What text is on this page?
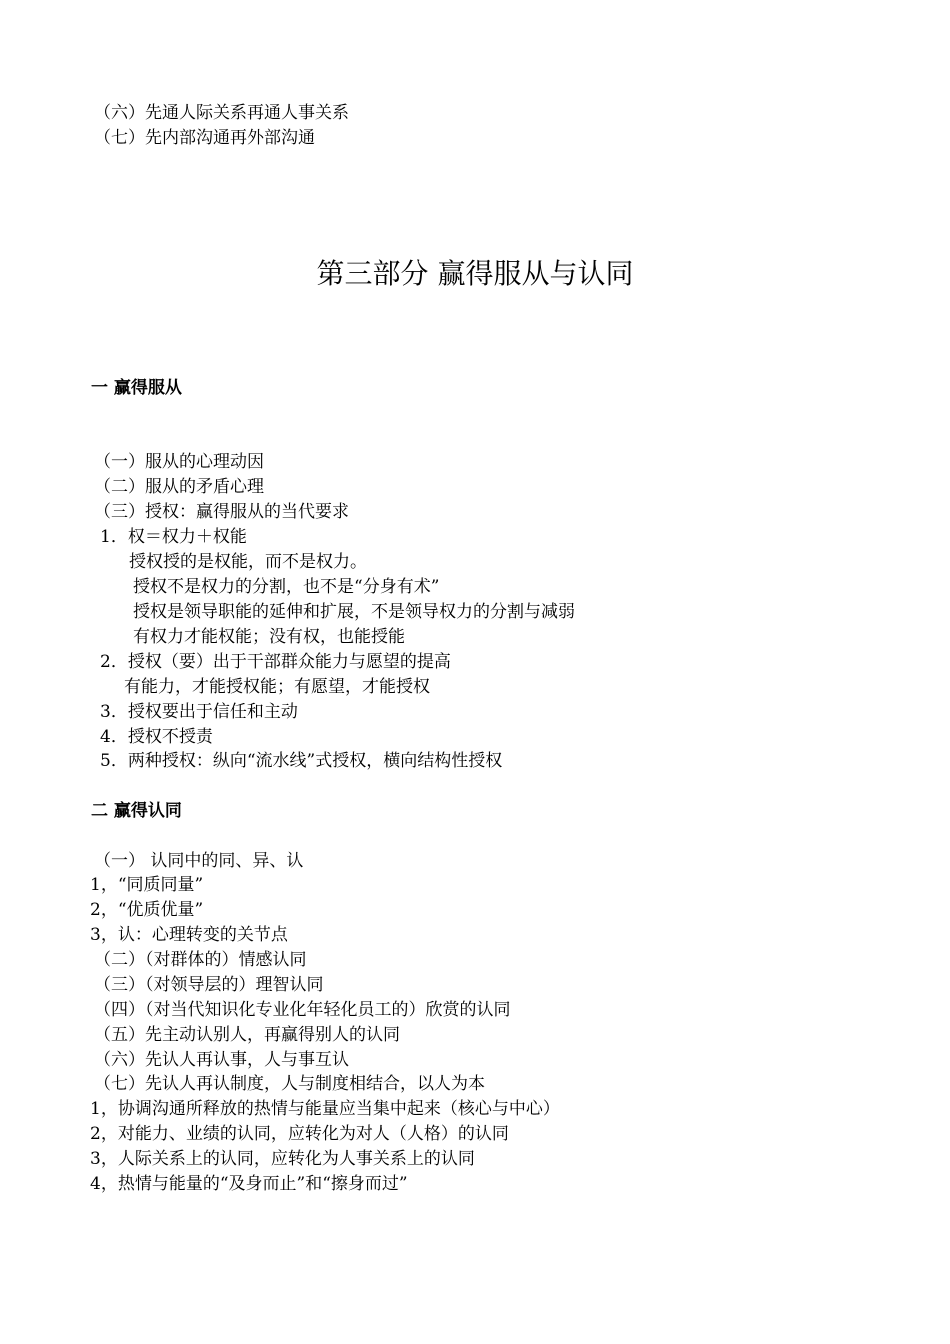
（六）先通人际关系再通人事关系
（七）先内部沟通再外部沟通
第三部分 赢得服从与认同
一 赢得服从
（一）服从的心理动因
（二）服从的矛盾心理
（三）授权：赢得服从的当代要求
1．权＝权力＋权能
授权授的是权能，而不是权力。
授权不是权力的分割，也不是“分身有术”
授权是领导职能的延伸和扩展，不是领导权力的分割与减弱
有权力才能权能；没有权，也能授能
2．授权（要）出于干部群众能力与愿望的提高
有能力，才能授权能；有愿望，才能授权
3．授权要出于信任和主动
4．授权不授责
5．两种授权：纵向“流水线”式授权，横向结构性授权
二 赢得认同
（一） 认同中的同、异、认
1，“同质同量”
2，“优质优量”
3，认：心理转变的关节点
（二）（对群体的）情感认同
（三）（对领导层的）理智认同
（四）（对当代知识化专业化年轻化员工的）欣赏的认同
（五）先主动认别人，再赢得别人的认同
（六）先认人再认事，人与事互认
（七）先认人再认制度，人与制度相结合，以人为本
1，协调沟通所释放的热情与能量应当集中起来（核心与中心）
2，对能力、业绩的认同，应转化为对人（人格）的认同
3，人际关系上的认同，应转化为人事关系上的认同
4，热情与能量的“及身而止”和“擦身而过”
